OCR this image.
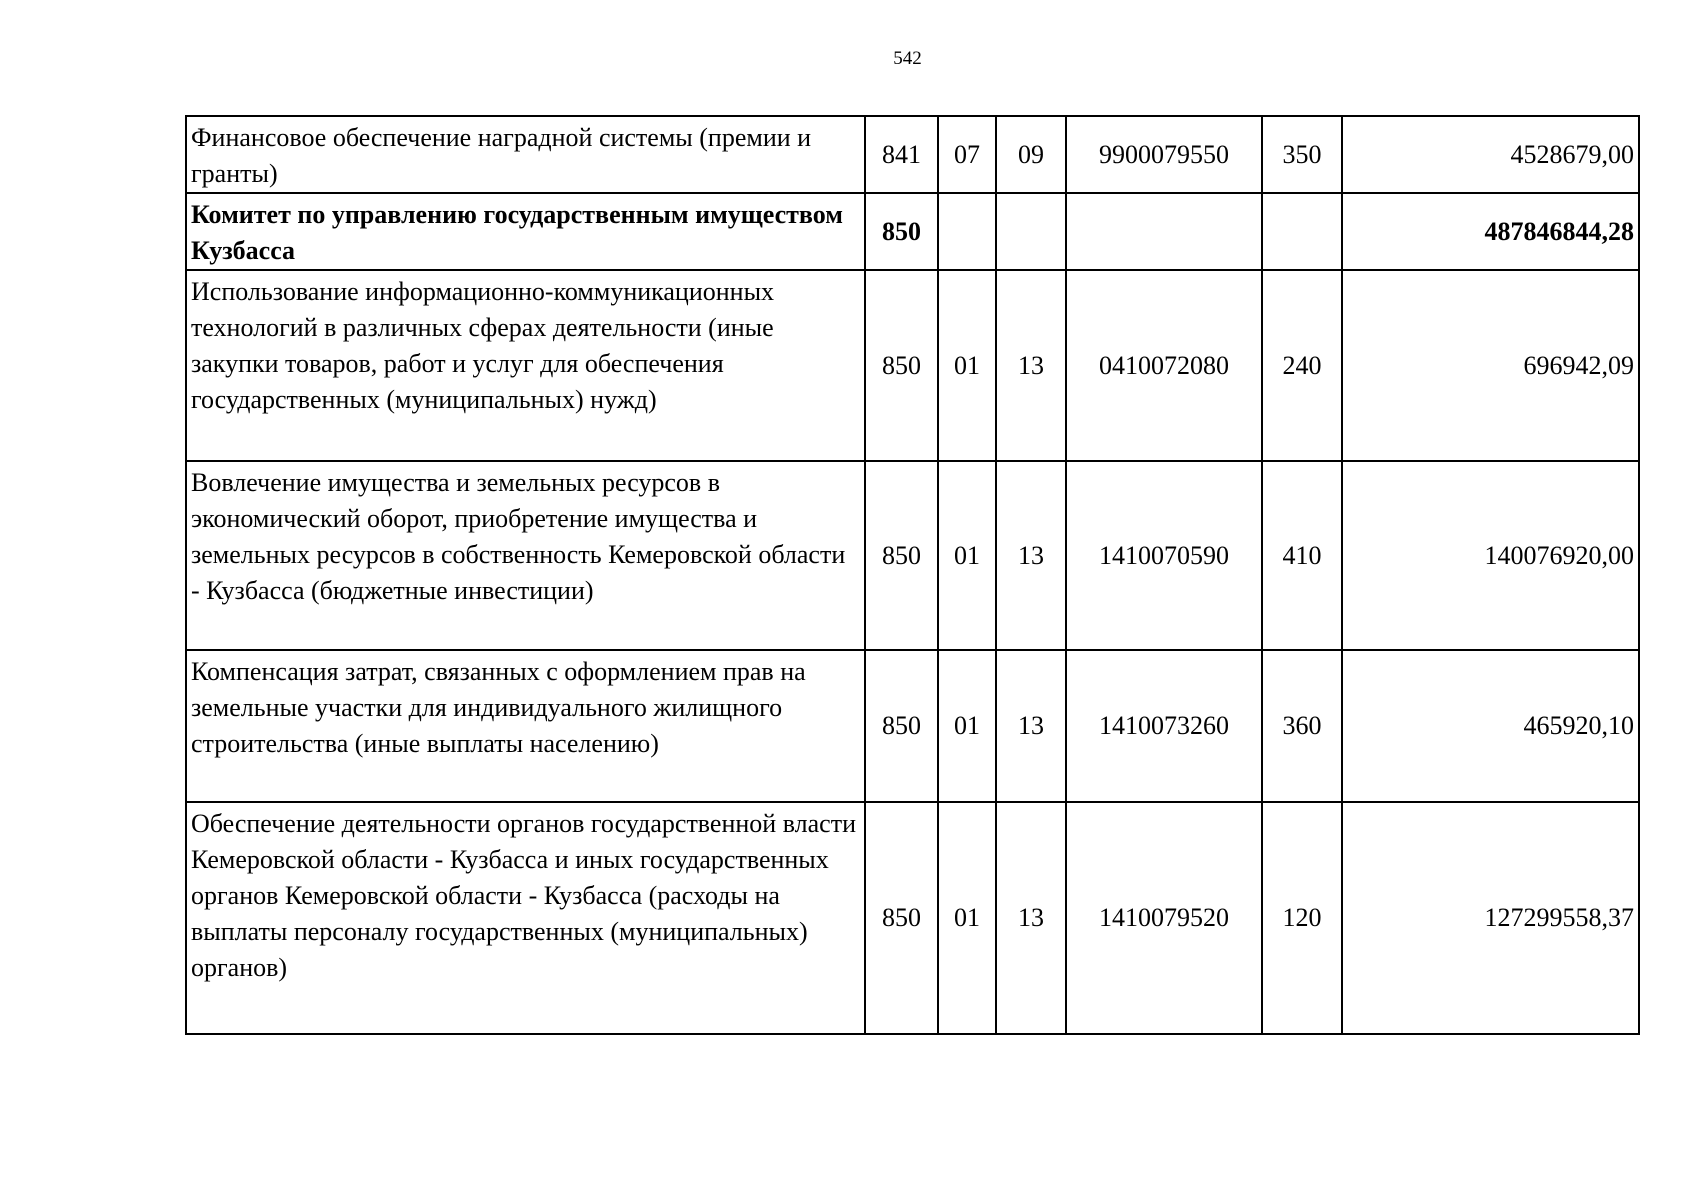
542
Финансовое обеспечение наградной системы (премии и гранты)	841	07	09	9900079550	350	4528679,00
Комитет по управлению государственным имуществом Кузбасса	850					487846844,28
Использование информационно-коммуникационных технологий в различных сферах деятельности (иные закупки товаров, работ и услуг для обеспечения государственных (муниципальных) нужд)	850	01	13	0410072080	240	696942,09
Вовлечение имущества и земельных ресурсов в экономический оборот, приобретение имущества и земельных ресурсов в собственность Кемеровской области - Кузбасса (бюджетные инвестиции)	850	01	13	1410070590	410	140076920,00
Компенсация затрат, связанных с оформлением прав на земельные участки для индивидуального жилищного строительства (иные выплаты населению)	850	01	13	1410073260	360	465920,10
Обеспечение деятельности органов государственной власти Кемеровской области - Кузбасса и иных государственных органов Кемеровской области - Кузбасса (расходы на выплаты персоналу государственных (муниципальных) органов)	850	01	13	1410079520	120	127299558,37
